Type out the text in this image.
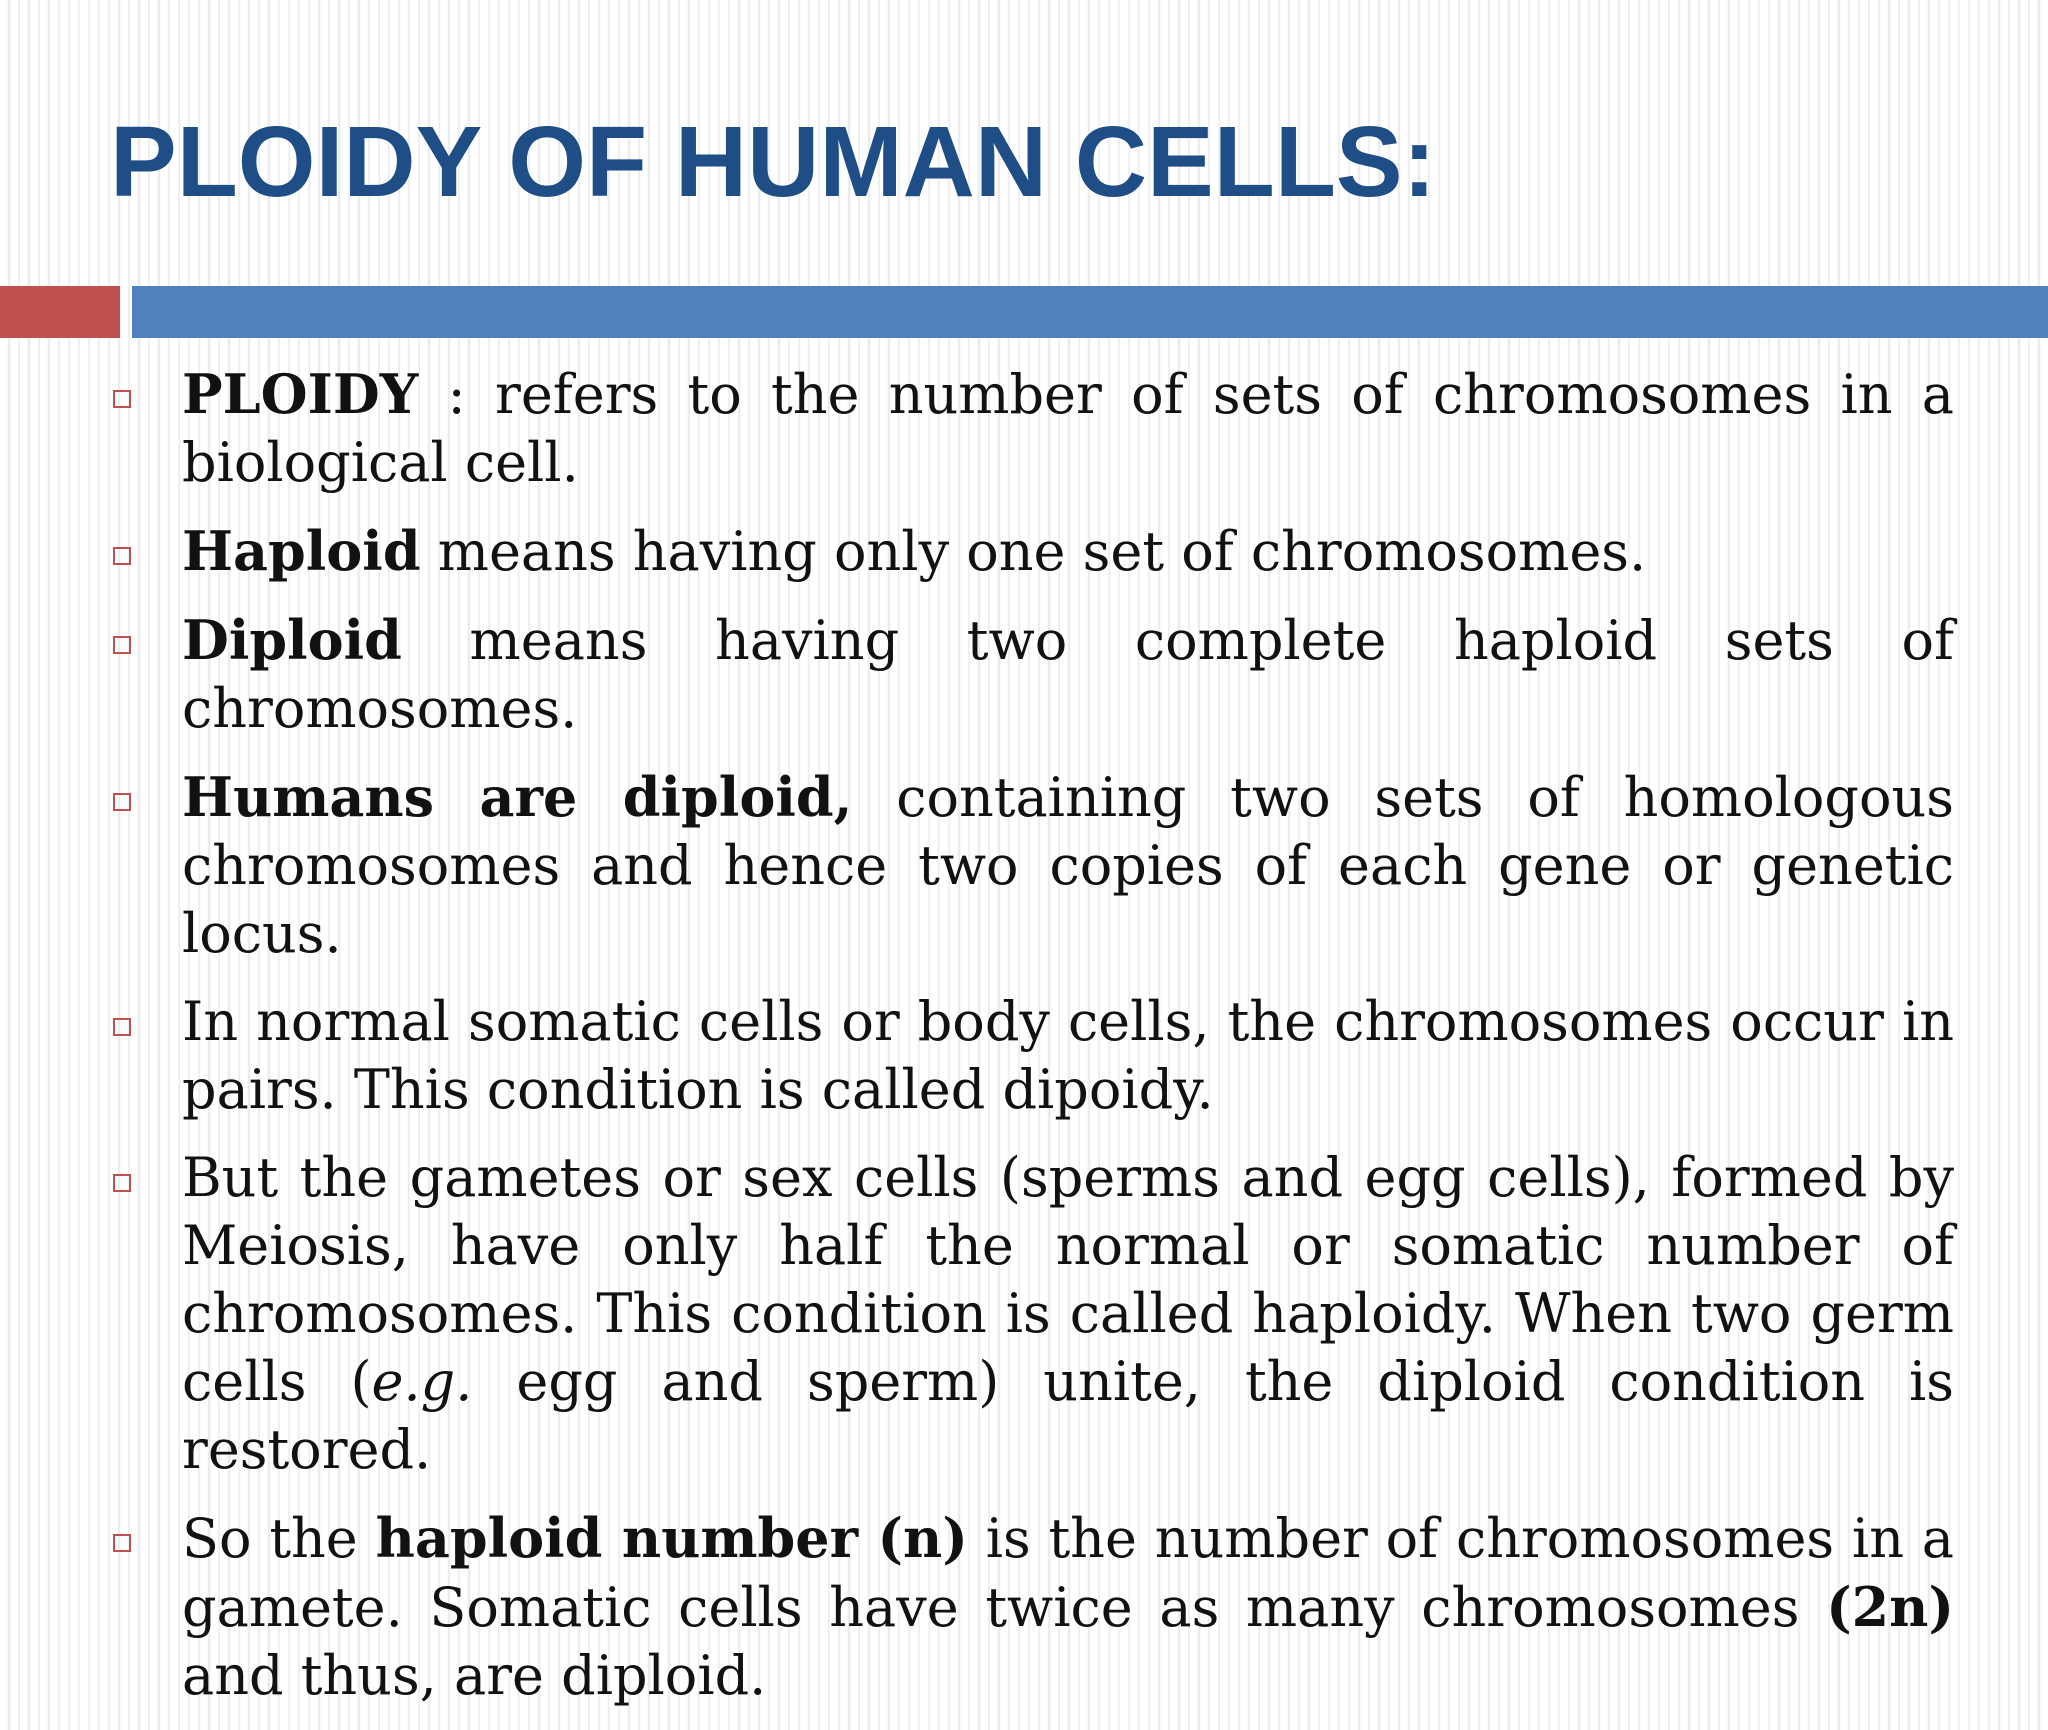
PLOIDY OF HUMAN CELLS:
PLOIDY : refers to the number of sets of chromosomes in a biological cell.
Haploid means having only one set of chromosomes.
Diploid means having two complete haploid sets of chromosomes.
Humans are diploid, containing two sets of homologous chromosomes and hence two copies of each gene or genetic locus.
In normal somatic cells or body cells, the chromosomes occur in pairs. This condition is called dipoidy.
But the gametes or sex cells (sperms and egg cells), formed by Meiosis, have only half the normal or somatic number of chromosomes. This condition is called haploidy. When two germ cells (e.g. egg and sperm) unite, the diploid condition is restored.
So the haploid number (n) is the number of chromosomes in a gamete. Somatic cells have twice as many chromosomes (2n) and thus, are diploid.
